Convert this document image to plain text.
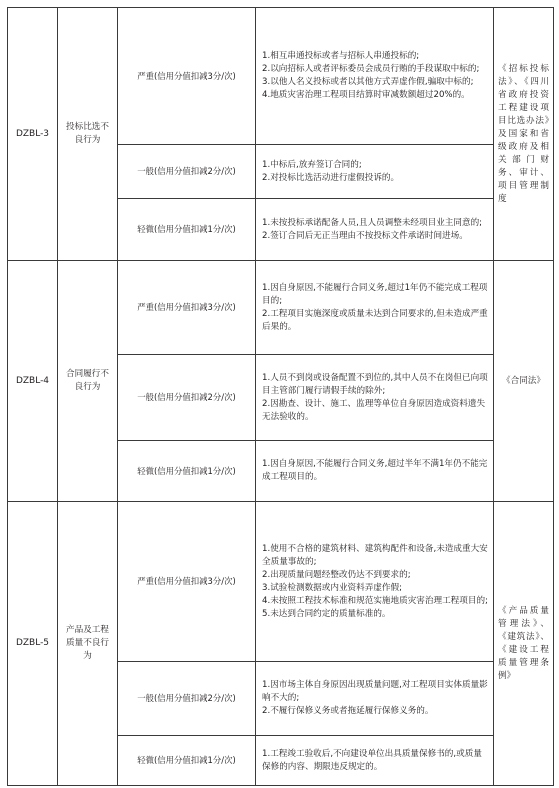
DZBL-3	投标比选不良行为	严重(信用分值扣减3分/次)	1.相互串通投标或者与招标人串通投标的;
2.以向招标人或者评标委员会成员行贿的手段谋取中标的;
3.以他人名义投标或者以其他方式弄虚作假,骗取中标的;
4.地质灾害治理工程项目结算时审减数额超过20%的。	《招标投标法》、《四川省政府投资工程建设项目比选办法》及国家和省级政府及相关部门财务、审计、项目管理制度
		一般(信用分值扣减2分/次)	1.中标后,放弃签订合同的;
2.对投标比选活动进行虚假投诉的。	

		轻微(信用分值扣减1分/次)	1.未按投标承诺配备人员,且人员调整未经项目业主同意的;
2.签订合同后无正当理由不按投标文件承诺时间进场。	

DZBL-4	合同履行不良行为	严重(信用分值扣减3分/次)	1.因自身原因,不能履行合同义务,超过1年仍不能完成工程项目的;
2.工程项目实施深度或质量未达到合同要求的,但未造成严重后果的。	《合同法》
		一般(信用分值扣减2分/次)	1.人员不到岗或设备配置不到位的,其中人员不在岗但已向项目主管部门履行请假手续的除外;
2.因勘查、设计、施工、监理等单位自身原因造成资料遗失无法验收的。	

		轻微(信用分值扣减1分/次)	1.因自身原因,不能履行合同义务,超过半年不满1年仍不能完成工程项目的。	

DZBL-5	产品及工程质量不良行为	严重(信用分值扣减3分/次)	1.使用不合格的建筑材料、建筑构配件和设备,未造成重大安全质量事故的;
2.出现质量问题经整改仍达不到要求的;
3.试验检测数据或内业资料弄虚作假;
4.未按照工程技术标准和规范实施地质灾害治理工程项目的;
5.未达到合同约定的质量标准的。	《产品质量管理法》、《建筑法》、《建设工程质量管理条例》
		一般(信用分值扣减2分/次)	1.因市场主体自身原因出现质量问题,对工程项目实体质量影响不大的;
2.不履行保修义务或者拖延履行保修义务的。	

		轻微(信用分值扣减1分/次)	1.工程竣工验收后,不向建设单位出具质量保修书的,或质量保修的内容、期限违反规定的。	
